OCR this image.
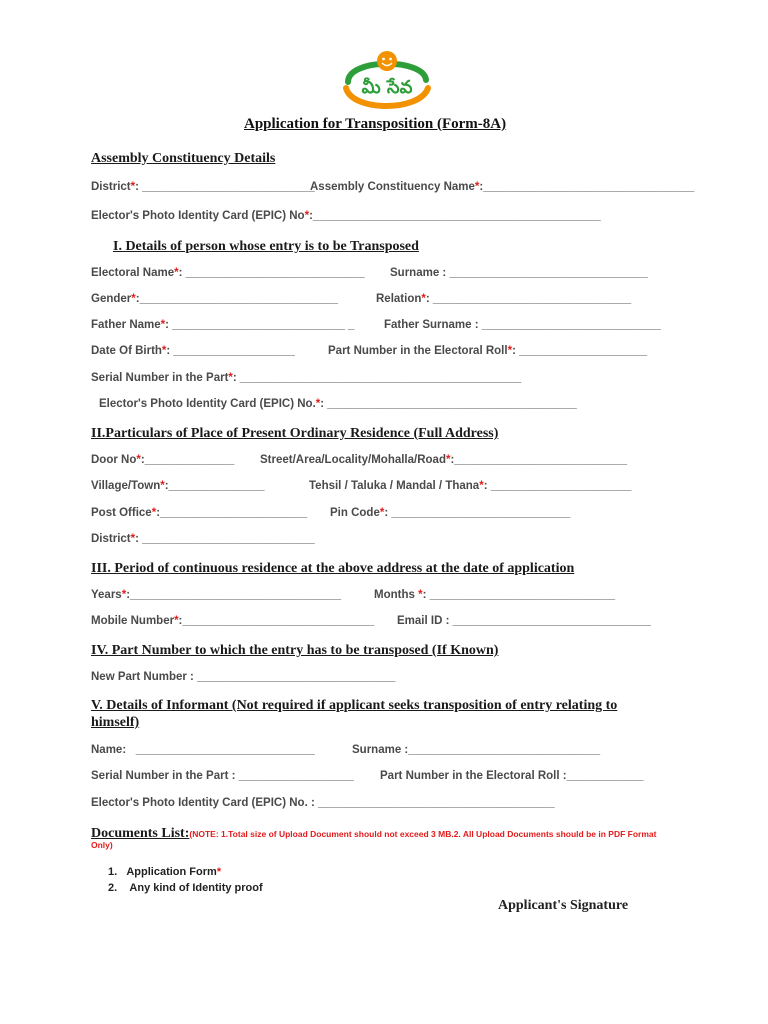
మీ సేవ
Application for Transposition (Form-8A)
Assembly Constituency Details
District*: ___________________________
Assembly Constituency Name*:_________________________________
Elector's Photo Identity Card (EPIC) No*:_____________________________________________
I. Details of person whose entry is to be Transposed
Electoral Name*: ____________________________ Surname : _______________________________
Gender*:_______________________________	Relation*: _______________________________
Father Name*: ___________________________ _	Father Surname : ____________________________
Date Of Birth*: ___________________	Part Number in the Electoral Roll*: ____________________
Serial Number in the Part*: ____________________________________________
Elector's Photo Identity Card (EPIC) No.*: _______________________________________
II.Particulars of Place of Present Ordinary Residence (Full Address)
Door No*:______________ Street/Area/Locality/Mohalla/Road*:___________________________
Village/Town*:_______________	Tehsil / Taluka / Mandal / Thana*: ______________________
Post Office*:_______________________ Pin Code*: ____________________________
District*: ___________________________
III. Period of continuous residence at the above address at the date of application
Years*:_________________________________	Months *: _____________________________
Mobile Number*:______________________________ Email ID : _______________________________
IV. Part Number to which the entry has to be transposed (If Known)
New Part Number : _______________________________
V. Details of Informant (Not required if applicant seeks transposition of entry relating to
himself)
Name: ____________________________	Surname :______________________________
Serial Number in the Part : __________________ Part Number in the Electoral Roll :____________
Elector's Photo Identity Card (EPIC) No. : _____________________________________
Documents List:(NOTE: 1.Total size of Upload Document should not exceed 3 MB.2. All Upload Documents should be in PDF Format
Only)
1. Application Form*
2. Any kind of Identity proof
Applicant's Signature
